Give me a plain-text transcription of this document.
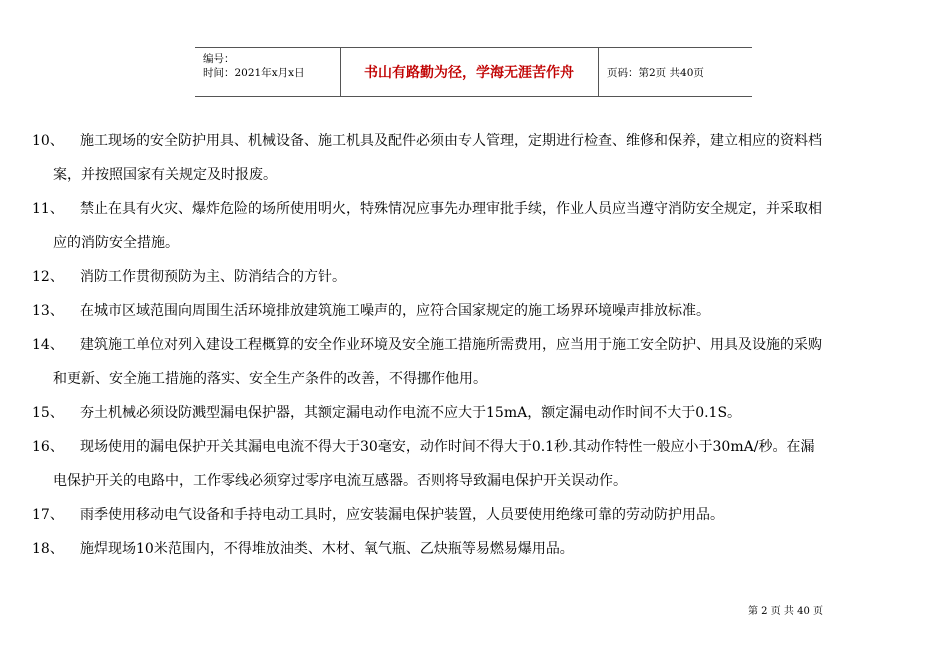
编号：
时间：2021年x月x日	书山有路勤为径，学海无涯苦作舟	页码：第2页 共40页

10、 施工现场的安全防护用具、机械设备、施工机具及配件必须由专人管理，定期进行检查、维修和保养，建立相应的资料档
案，并按照国家有关规定及时报废。

11、 禁止在具有火灾、爆炸危险的场所使用明火，特殊情况应事先办理审批手续，作业人员应当遵守消防安全规定，并采取相
应的消防安全措施。

12、 消防工作贯彻预防为主、防消结合的方针。

13、 在城市区域范围向周围生活环境排放建筑施工噪声的，应符合国家规定的施工场界环境噪声排放标准。

14、 建筑施工单位对列入建设工程概算的安全作业环境及安全施工措施所需费用，应当用于施工安全防护、用具及设施的采购
和更新、安全施工措施的落实、安全生产条件的改善，不得挪作他用。

15、 夯土机械必须设防溅型漏电保护器，其额定漏电动作电流不应大于15mA，额定漏电动作时间不大于0.1S。

16、 现场使用的漏电保护开关其漏电电流不得大于30毫安，动作时间不得大于0.1秒.其动作特性一般应小于30mA/秒。在漏
电保护开关的电路中，工作零线必须穿过零序电流互感器。否则将导致漏电保护开关误动作。

17、 雨季使用移动电气设备和手持电动工具时，应安装漏电保护装置，人员要使用绝缘可靠的劳动防护用品。

18、 施焊现场10米范围内，不得堆放油类、木材、氧气瓶、乙炔瓶等易燃易爆用品。

第 2 页 共 40 页
